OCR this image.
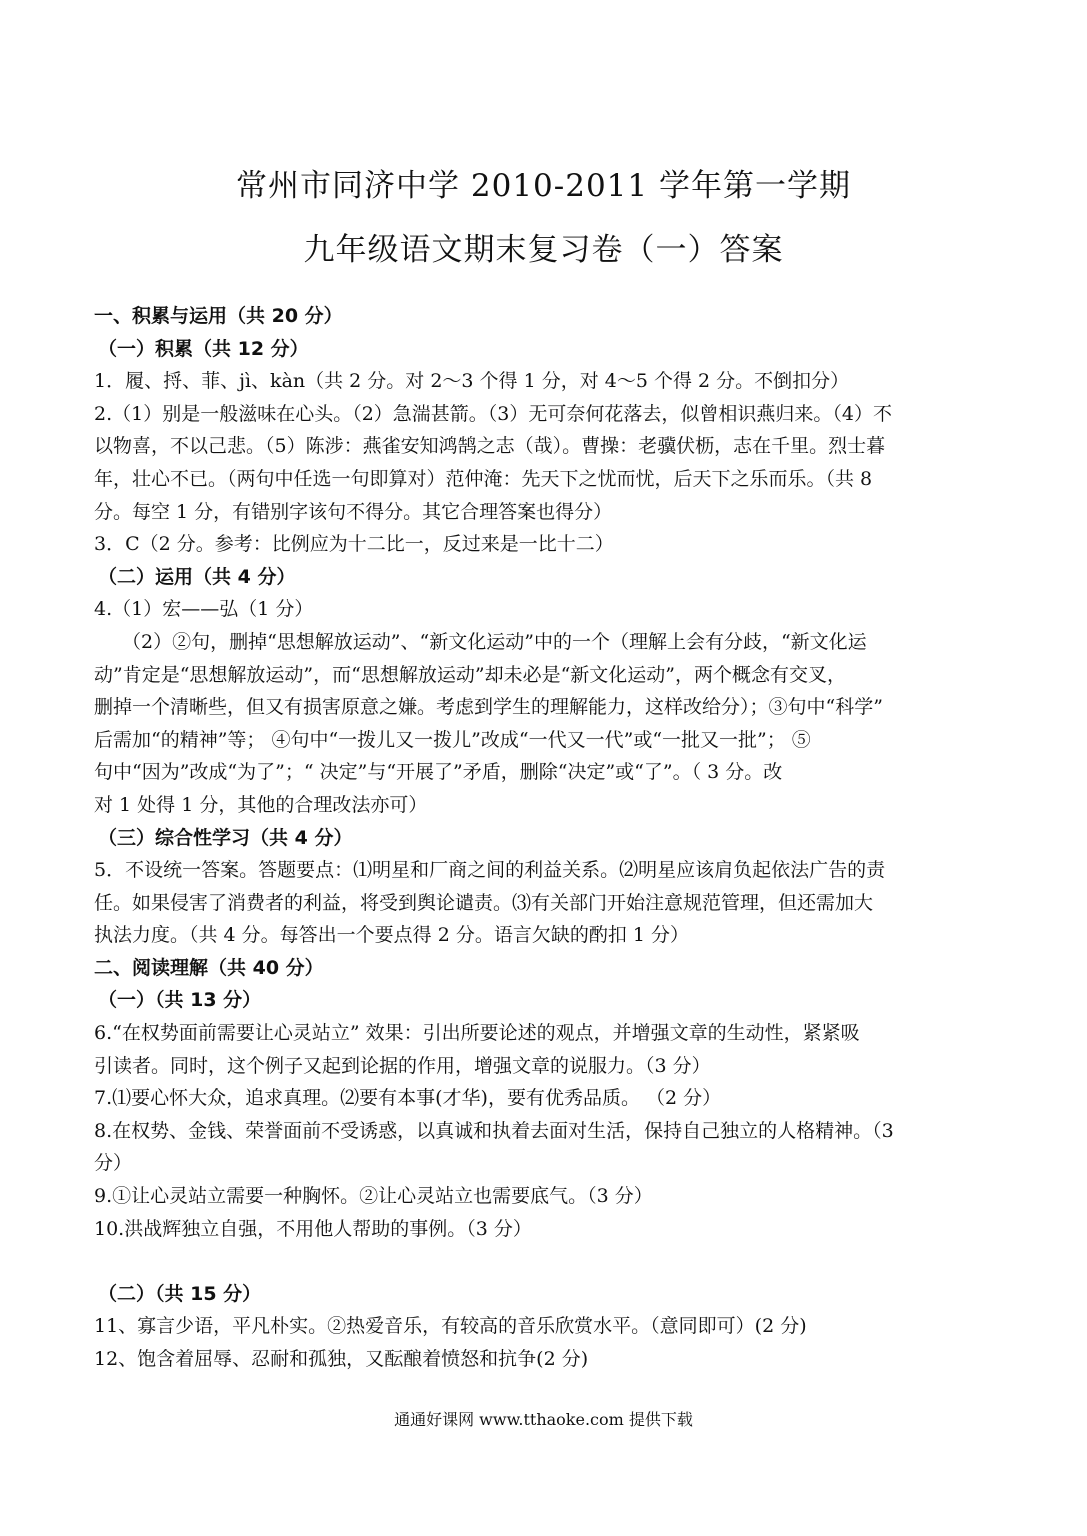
常州市同济中学 2010-2011 学年第一学期
九年级语文期末复习卷（一）答案
一、积累与运用（共 20 分）
（一）积累（共 12 分）
1．履、捋、菲、jì、kàn（共 2 分。对 2～3 个得 1 分，对 4～5 个得 2 分。不倒扣分）
2.（1）别是一般滋味在心头。（2）急湍甚箭。（3）无可奈何花落去，似曾相识燕归来。（4）不
以物喜，不以己悲。（5）陈涉：燕雀安知鸿鹄之志（哉）。曹操：老骥伏枥，志在千里。烈士暮
年，壮心不已。（两句中任选一句即算对）范仲淹：先天下之忧而忧，后天下之乐而乐。（共 8
分。每空 1 分，有错别字该句不得分。其它合理答案也得分）
3．C（2 分。参考：比例应为十二比一，反过来是一比十二）
（二）运用（共 4 分）
4.（1）宏——弘（1 分）
（2）②句，删掉“思想解放运动”、“新文化运动”中的一个（理解上会有分歧，“新文化运
动”肯定是“思想解放运动”，而“思想解放运动”却未必是“新文化运动”，两个概念有交叉，
删掉一个清晰些，但又有损害原意之嫌。考虑到学生的理解能力，这样改给分）；③句中“科学”
后需加“的精神”等； ④句中“一拨儿又一拨儿”改成“一代又一代”或“一批又一批”； ⑤
句中“因为”改成“为了”；“ 决定”与“开展了”矛盾，删除“决定”或“了”。（ 3 分。改
对 1 处得 1 分，其他的合理改法亦可）
（三）综合性学习（共 4 分）
5．不设统一答案。答题要点：⑴明星和厂商之间的利益关系。⑵明星应该肩负起依法广告的责
任。如果侵害了消费者的利益，将受到舆论谴责。⑶有关部门开始注意规范管理，但还需加大
执法力度。（共 4 分。每答出一个要点得 2 分。语言欠缺的酌扣 1 分）
二、阅读理解（共 40 分）
（一）（共 13 分）
6.“在权势面前需要让心灵站立” 效果：引出所要论述的观点，并增强文章的生动性，紧紧吸
引读者。同时，这个例子又起到论据的作用，增强文章的说服力。（3 分）
7.⑴要心怀大众，追求真理。⑵要有本事(才华)，要有优秀品质。 （2 分）
8.在权势、金钱、荣誉面前不受诱惑，以真诚和执着去面对生活，保持自己独立的人格精神。（3
分）
9.①让心灵站立需要一种胸怀。②让心灵站立也需要底气。（3 分）
10.洪战辉独立自强，不用他人帮助的事例。（3 分）
（二）（共 15 分）
11、寡言少语，平凡朴实。②热爱音乐，有较高的音乐欣赏水平。（意同即可）(2 分)
12、饱含着屈辱、忍耐和孤独，又酝酿着愤怒和抗争(2 分)
通通好课网 www.tthaoke.com 提供下载
